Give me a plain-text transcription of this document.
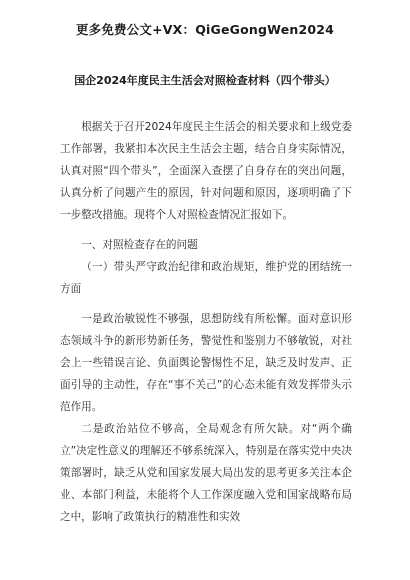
更多免费公文+VX：QiGeGongWen2024
国企2024年度民主生活会对照检查材料（四个带头）

根据关于召开2024年度民主生活会的相关要求和上级党委工作部署，我紧扣本次民主生活会主题，结合自身实际情况，认真对照“四个带头”，全面深入查摆了自身存在的突出问题，认真分析了问题产生的原因，针对问题和原因，逐项明确了下一步整改措施。现将个人对照检查情况汇报如下。

一、对照检查存在的问题

（一）带头严守政治纪律和政治规矩，维护党的团结统一方面

一是政治敏锐性不够强，思想防线有所松懈。面对意识形态领域斗争的新形势新任务，警觉性和鉴别力不够敏锐，对社会上一些错误言论、负面舆论警惕性不足，缺乏及时发声、正面引导的主动性，存在“事不关己”的心态未能有效发挥带头示范作用。

二是政治站位不够高，全局观念有所欠缺。对“两个确立”决定性意义的理解还不够系统深入，特别是在落实党中央决策部署时，缺乏从党和国家发展大局出发的思考更多关注本企业、本部门利益，未能将个人工作深度融入党和国家战略布局之中，影响了政策执行的精准性和实效
